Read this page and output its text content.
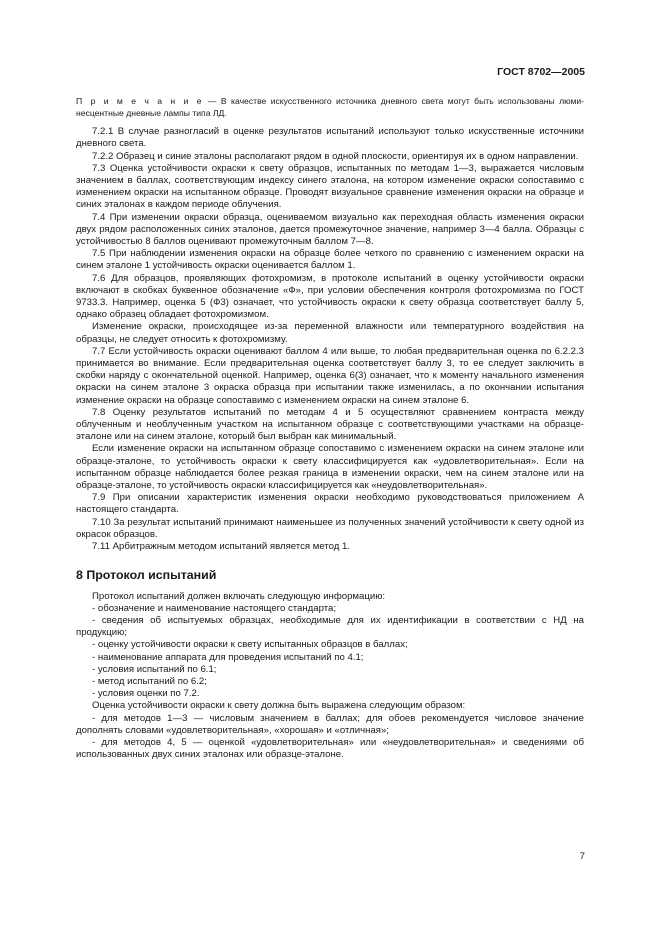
ГОСТ 8702—2005
П р и м е ч а н и е — В качестве искусственного источника дневного света могут быть использованы люми-несцентные дневные лампы типа ЛД.

7.2.1 В случае разногласий в оценке результатов испытаний используют только искусственные источники дневного света.

7.2.2 Образец и синие эталоны располагают рядом в одной плоскости, ориентируя их в одном направлении.

7.3 Оценка устойчивости окраски к свету образцов, испытанных по методам 1—3, выражается числовым значением в баллах, соответствующим индексу синего эталона, на котором изменение окраски сопоставимо с изменением окраски на испытанном образце. Проводят визуальное сравнение изменения окраски на образце и синих эталонах в каждом периоде облучения.

7.4 При изменении окраски образца, оцениваемом визуально как переходная область изменения окраски двух рядом расположенных синих эталонов, дается промежуточное значение, например 3—4 балла. Образцы с устойчивостью 8 баллов оценивают промежуточным баллом 7—8.

7.5 При наблюдении изменения окраски на образце более четкого по сравнению с изменением окраски на синем эталоне 1 устойчивость окраски оценивается баллом 1.

7.6 Для образцов, проявляющих фотохромизм, в протоколе испытаний в оценку устойчивости окраски включают в скобках буквенное обозначение «Ф», при условии обеспечения контроля фотохромизма по ГОСТ 9733.3. Например, оценка 5 (Ф3) означает, что устойчивость окраски к свету образца соответствует баллу 5, однако образец обладает фотохромизмом.

Изменение окраски, происходящее из-за переменной влажности или температурного воздействия на образцы, не следует относить к фотохромизму.

7.7 Если устойчивость окраски оценивают баллом 4 или выше, то любая предварительная оценка по 6.2.2.3 принимается во внимание. Если предварительная оценка соответствует баллу 3, то ее следует заключить в скобки наряду с окончательной оценкой. Например, оценка 6(3) означает, что к моменту начального изменения окраски на синем эталоне 3 окраска образца при испытании также изменилась, а по окончании испытания изменение окраски на образце сопоставимо с изменением окраски на синем эталоне 6.

7.8 Оценку результатов испытаний по методам 4 и 5 осуществляют сравнением контраста между облученным и необлученным участком на испытанном образце с соответствующими участками на образце-эталоне или на синем эталоне, который был выбран как минимальный.

Если изменение окраски на испытанном образце сопоставимо с изменением окраски на синем эталоне или образце-эталоне, то устойчивость окраски к свету классифицируется как «удовлетворительная». Если на испытанном образце наблюдается более резкая граница в изменении окраски, чем на синем эталоне или на образце-эталоне, то устойчивость окраски классифицируется как «неудовлетворительная».

7.9 При описании характеристик изменения окраски необходимо руководствоваться приложением А настоящего стандарта.

7.10 За результат испытаний принимают наименьшее из полученных значений устойчивости к свету одной из окрасок образцов.

7.11 Арбитражным методом испытаний является метод 1.

8 Протокол испытаний

Протокол испытаний должен включать следующую информацию:

- обозначение и наименование настоящего стандарта;

- сведения об испытуемых образцах, необходимые для их идентификации в соответствии с НД на продукцию;

- оценку устойчивости окраски к свету испытанных образцов в баллах;

- наименование аппарата для проведения испытаний по 4.1;

- условия испытаний по 6.1;

- метод испытаний по 6.2;

- условия оценки по 7.2.

Оценка устойчивости окраски к свету должна быть выражена следующим образом:

- для методов 1—3 — числовым значением в баллах; для обоев рекомендуется числовое значение дополнять словами «удовлетворительная», «хорошая» и «отличная»;

- для методов 4, 5 — оценкой «удовлетворительная» или «неудовлетворительная» и сведениями об использованных двух синих эталонах или образце-эталоне.

7
